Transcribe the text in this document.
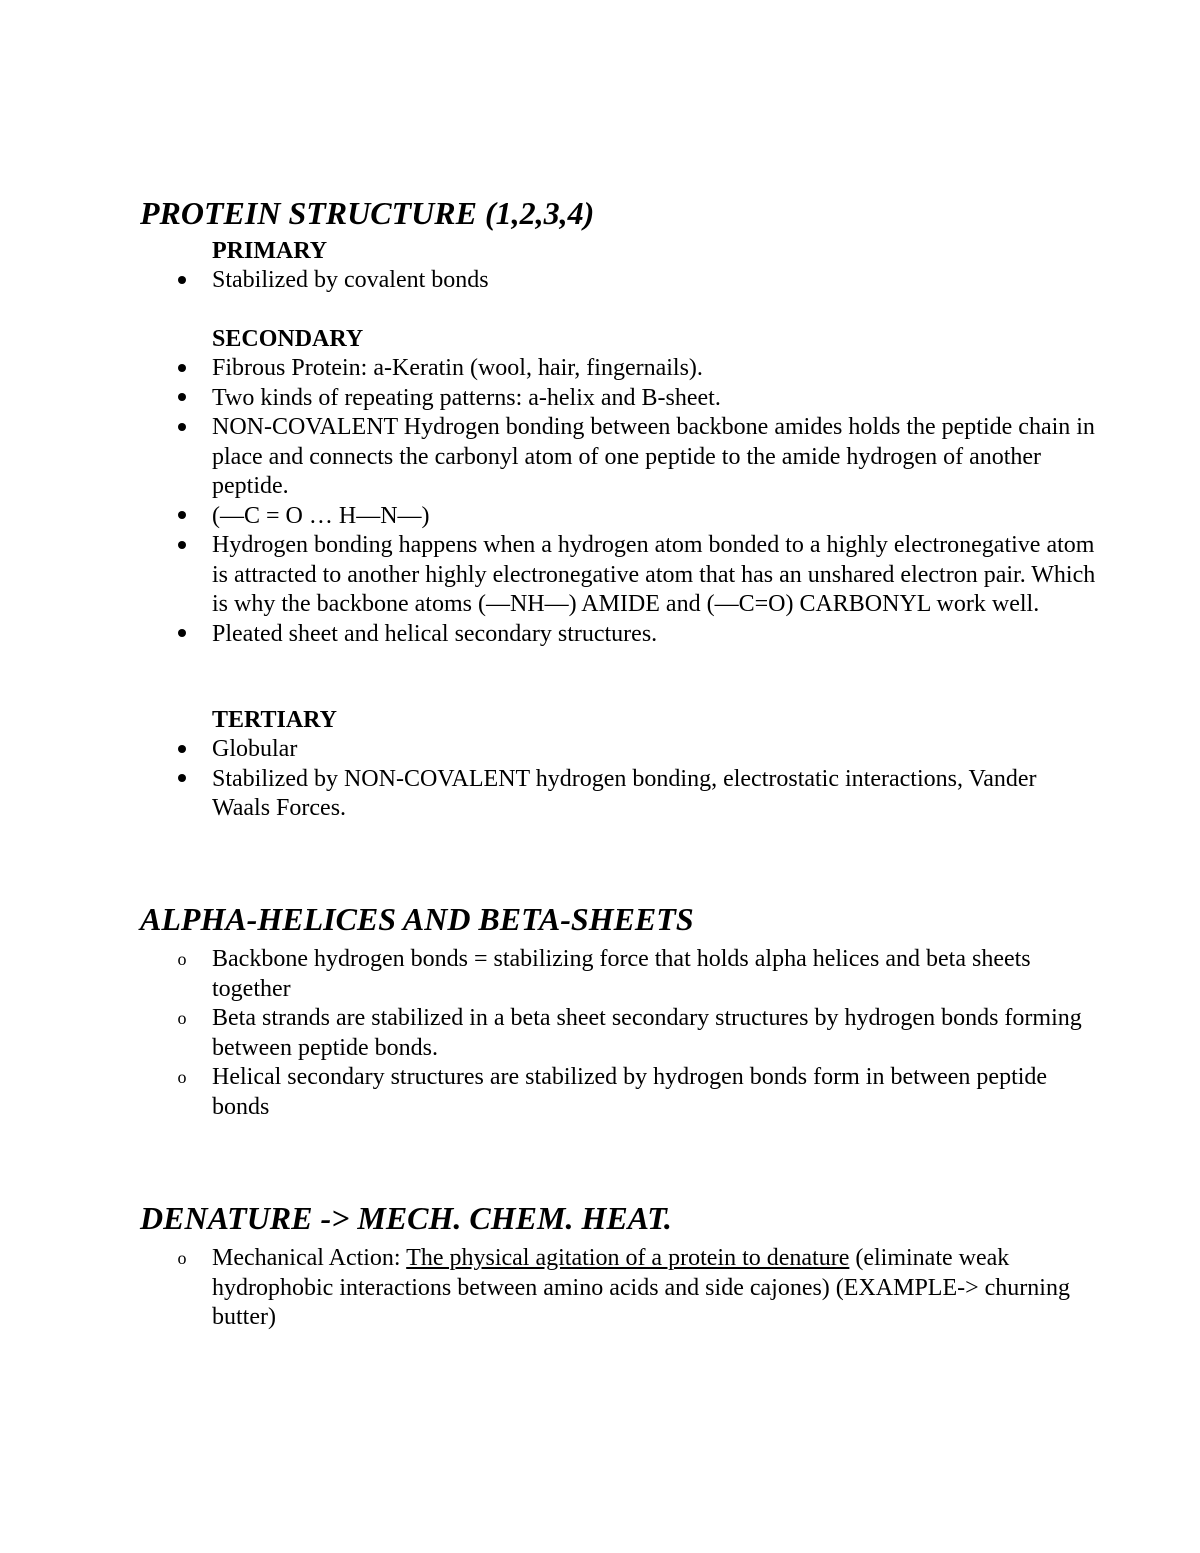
PROTEIN STRUCTURE (1,2,3,4)
PRIMARY
Stabilized by covalent bonds
SECONDARY
Fibrous Protein: a-Keratin (wool, hair, fingernails).
Two kinds of repeating patterns: a-helix and B-sheet.
NON-COVALENT Hydrogen bonding between backbone amides holds the peptide chain in place and connects the carbonyl atom of one peptide to the amide hydrogen of another peptide.
(—C = O … H—N—)
Hydrogen bonding happens when a hydrogen atom bonded to a highly electronegative atom is attracted to another highly electronegative atom that has an unshared electron pair. Which is why the backbone atoms (—NH—) AMIDE and (—C=O) CARBONYL work well.
Pleated sheet and helical secondary structures.
TERTIARY
Globular
Stabilized by NON-COVALENT hydrogen bonding, electrostatic interactions, Vander Waals Forces.
ALPHA-HELICES AND BETA-SHEETS
o Backbone hydrogen bonds = stabilizing force that holds alpha helices and beta sheets together
o Beta strands are stabilized in a beta sheet secondary structures by hydrogen bonds forming between peptide bonds.
o Helical secondary structures are stabilized by hydrogen bonds form in between peptide bonds
DENATURE -> MECH. CHEM. HEAT.
o Mechanical Action: The physical agitation of a protein to denature (eliminate weak hydrophobic interactions between amino acids and side cajones) (EXAMPLE-> churning butter)
